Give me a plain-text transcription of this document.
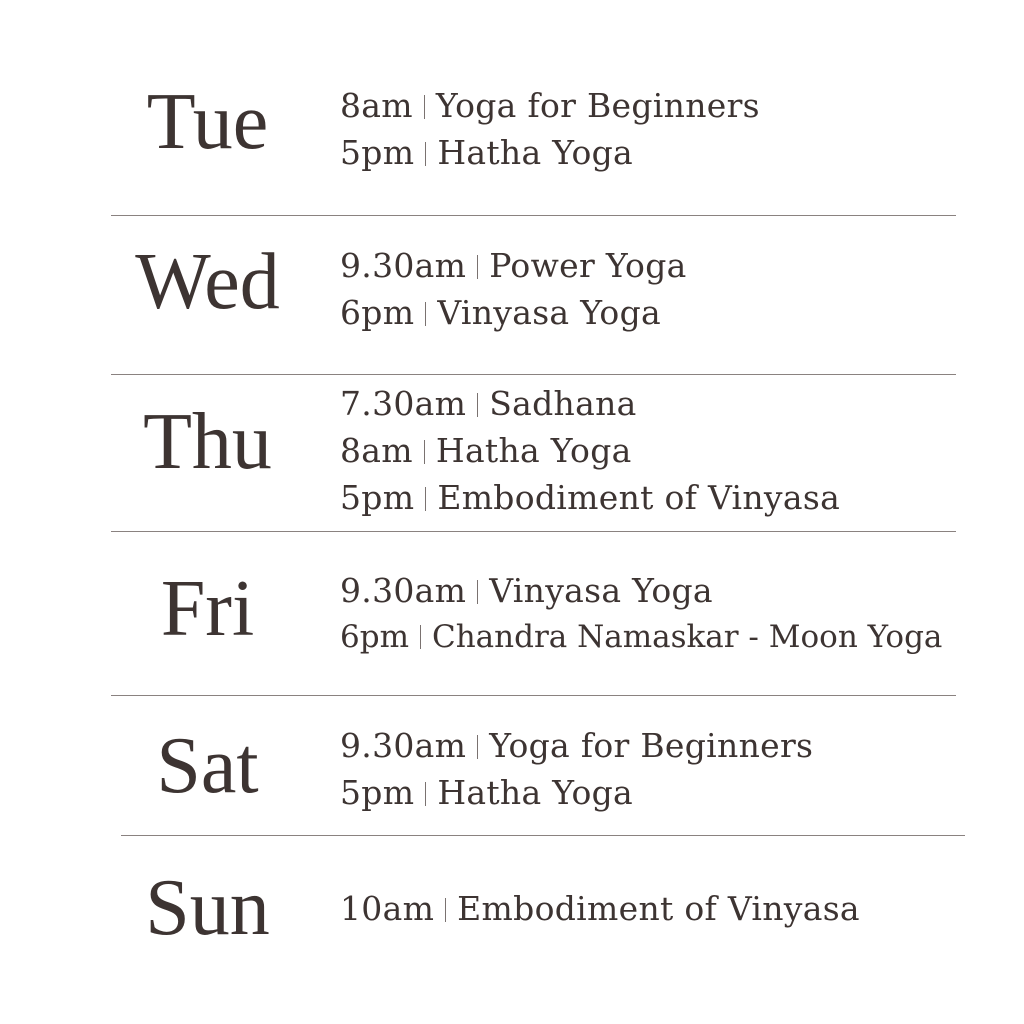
Tue	8am Yoga for Beginners
5pm Hatha Yoga
Wed	9.30am Power Yoga
6pm Vinyasa Yoga
Thu	7.30am Sadhana
8am Hatha Yoga
5pm Embodiment of Vinyasa
Fri	9.30am Vinyasa Yoga
6pm Chandra Namaskar - Moon Yoga
Sat	9.30am Yoga for Beginners
5pm Hatha Yoga
Sun	10am Embodiment of Vinyasa
